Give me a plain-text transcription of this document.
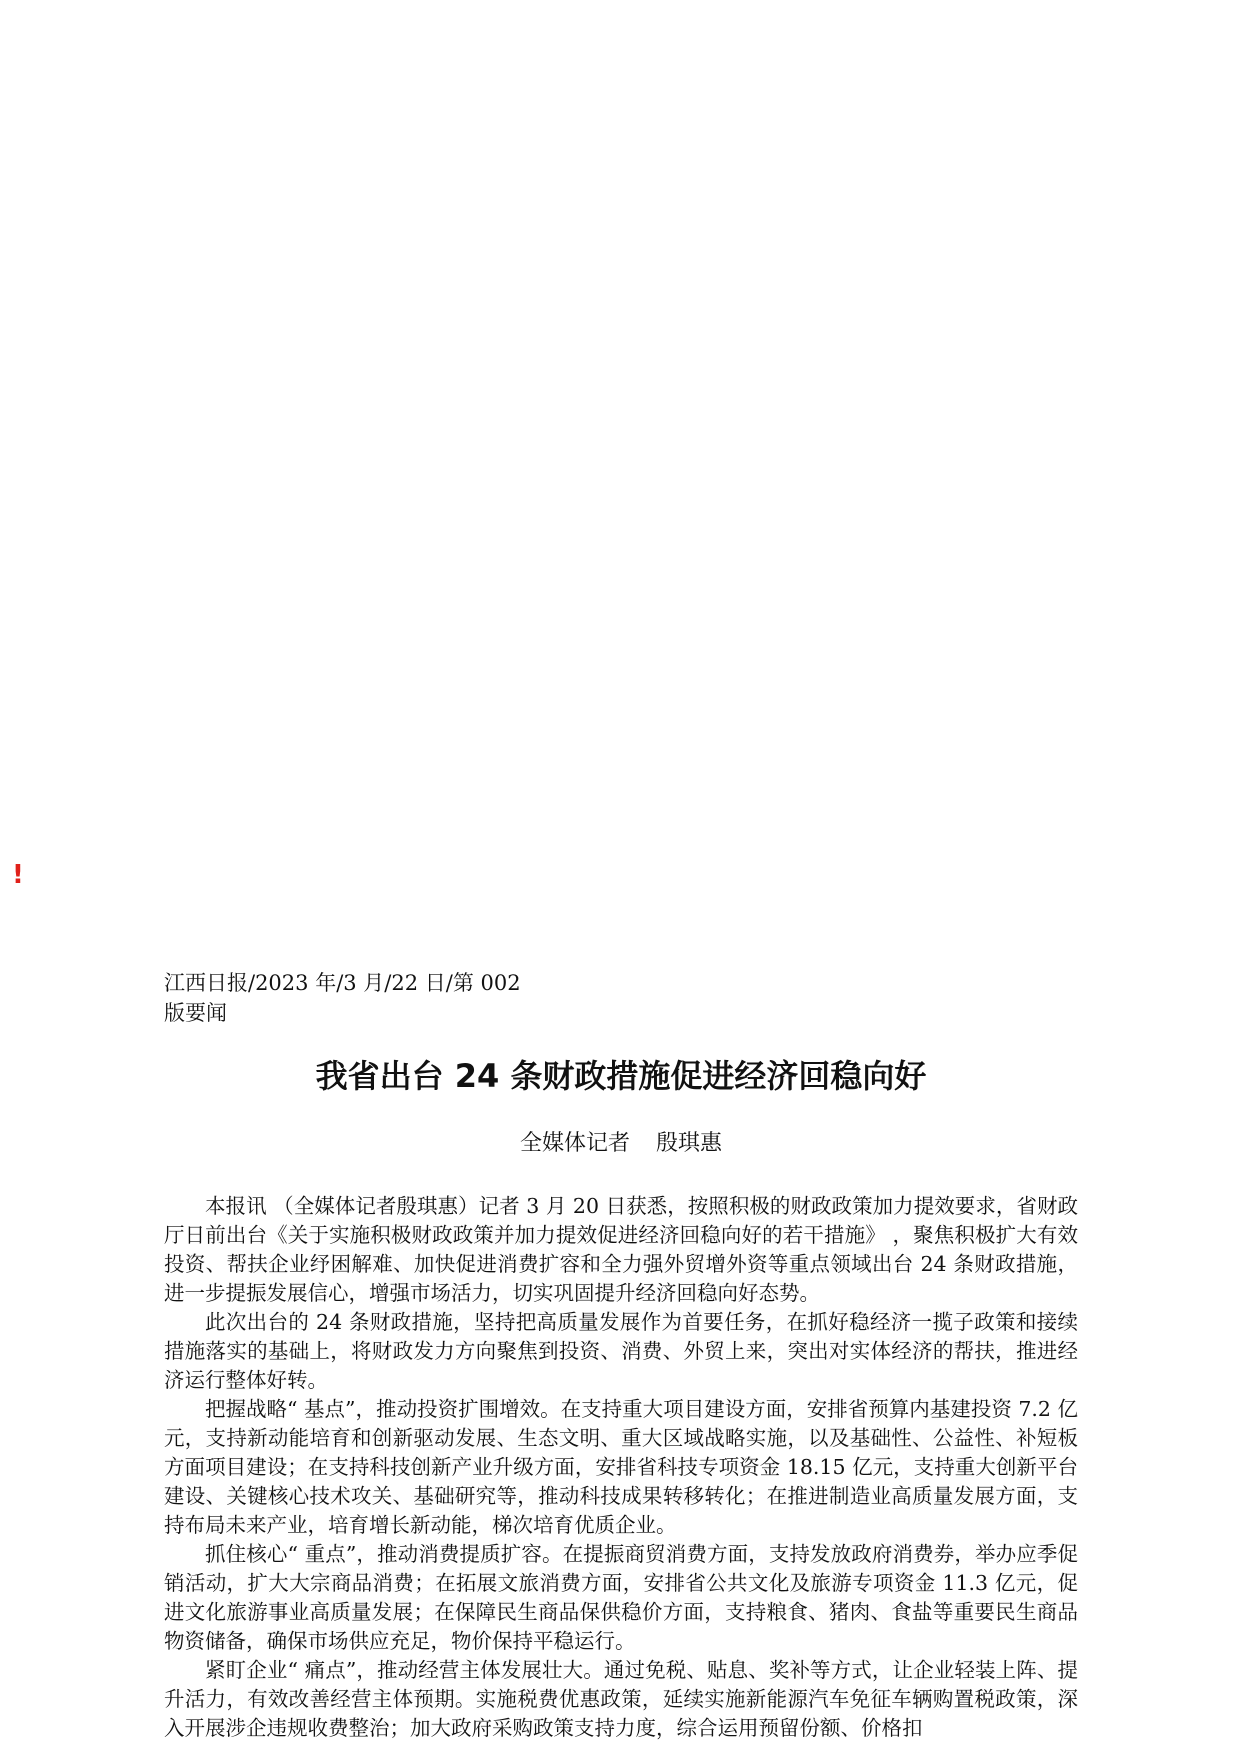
!
江西日报/2023 年/3 月/22 日/第 002
版要闻
我省出台 24 条财政措施促进经济回稳向好
全媒体记者 殷琪惠

本报讯 （全媒体记者殷琪惠）记者 3 月 20 日获悉，按照积极的财政政策加力提效要求，省财政厅日前出台《关于实施积极财政政策并加力提效促进经济回稳向好的若干措施》 ，聚焦积极扩大有效投资、帮扶企业纾困解难、加快促进消费扩容和全力强外贸增外资等重点领域出台 24 条财政措施，进一步提振发展信心，增强市场活力，切实巩固提升经济回稳向好态势。

此次出台的 24 条财政措施，坚持把高质量发展作为首要任务，在抓好稳经济一揽子政策和接续措施落实的基础上，将财政发力方向聚焦到投资、消费、外贸上来，突出对实体经济的帮扶，推进经济运行整体好转。

把握战略“ 基点”，推动投资扩围增效。在支持重大项目建设方面，安排省预算内基建投资 7.2 亿元，支持新动能培育和创新驱动发展、生态文明、重大区域战略实施，以及基础性、公益性、补短板方面项目建设；在支持科技创新产业升级方面，安排省科技专项资金 18.15 亿元，支持重大创新平台建设、关键核心技术攻关、基础研究等，推动科技成果转移转化；在推进制造业高质量发展方面，支持布局未来产业，培育增长新动能，梯次培育优质企业。

抓住核心“ 重点”，推动消费提质扩容。在提振商贸消费方面，支持发放政府消费券，举办应季促销活动，扩大大宗商品消费；在拓展文旅消费方面，安排省公共文化及旅游专项资金 11.3 亿元，促进文化旅游事业高质量发展；在保障民生商品保供稳价方面，支持粮食、猪肉、食盐等重要民生商品物资储备，确保市场供应充足，物价保持平稳运行。

紧盯企业“ 痛点”，推动经营主体发展壮大。通过免税、贴息、奖补等方式，让企业轻装上阵、提升活力，有效改善经营主体预期。实施税费优惠政策，延续实施新能源汽车免征车辆购置税政策，深入开展涉企违规收费整治；加大政府采购政策支持力度，综合运用预留份额、价格扣
